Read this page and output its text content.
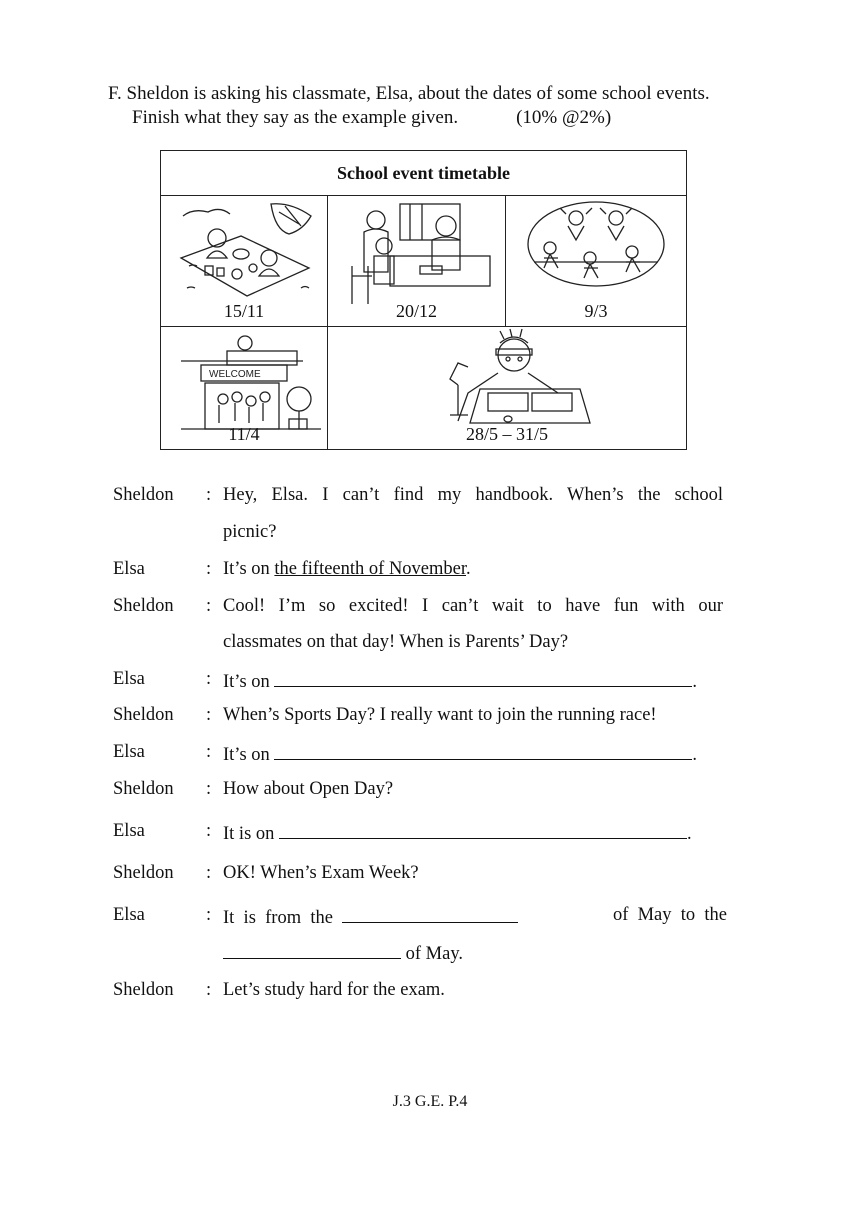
F. Sheldon is asking his classmate, Elsa, about the dates of some school events.
Finish what they say as the example given.	(10% @2%)
School event timetable
15/11	20/12	9/3
WELCOME
11/4	28/5 – 31/5
Sheldon : Hey, Elsa. I can’t find my handbook. When’s the school
picnic?
Elsa	: It’s on the fifteenth of November.
Sheldon : Cool! I’m so excited! I can’t wait to have fun with our
classmates on that day! When is Parents’ Day?
Elsa	: It’s on	.
Sheldon : When’s Sports Day? I really want to join the running race!
Elsa	: It’s on	.
Sheldon : How about Open Day?
Elsa	: It is on	.
Sheldon : OK! When’s Exam Week?
Elsa	: It  is  from  the	of  May  to  the
of May.
Sheldon : Let’s study hard for the exam.
J.3 G.E. P.4
